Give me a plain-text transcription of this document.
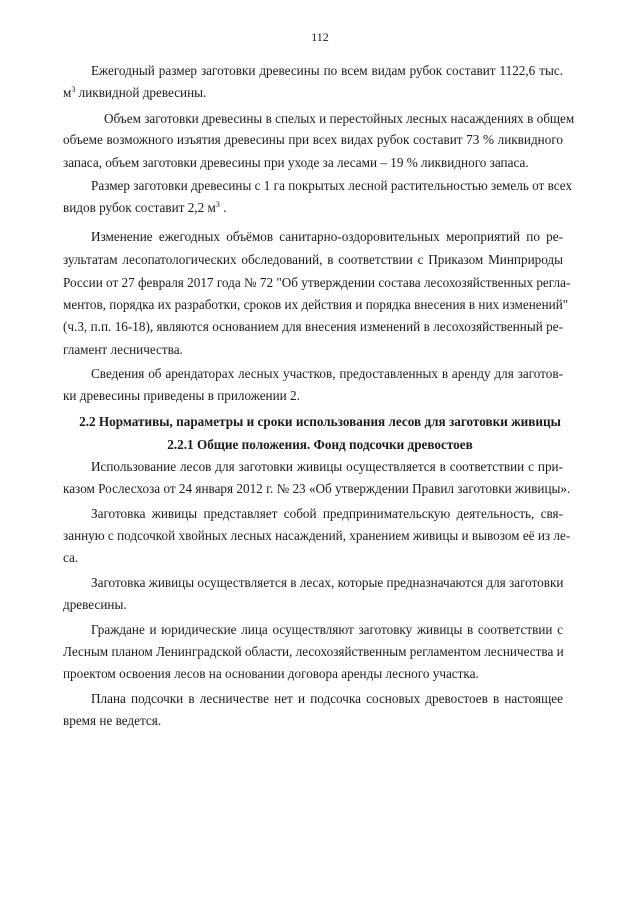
112

Ежегодный размер заготовки древесины по всем видам рубок составит 1122,6 тыс.

$м^3$ ликвидной древесины.

Объем заготовки древесины в спелых и перестойных лесных насаждениях в общем

объеме возможного изъятия древесины при всех видах рубок составит 73 % ликвидного

запаса, объем заготовки древесины при уходе за лесами – 19 % ликвидного запаса.

Размер заготовки древесины с 1 га покрытых лесной растительностью земель от всех

видов рубок составит 2,2 $м^3$ .

Изменение ежегодных объёмов санитарно-оздоровительных мероприятий по ре-

зультатам лесопатологических обследований, в соответствии с Приказом Минприроды

России от 27 февраля 2017 года № 72 "Об утверждении состава лесохозяйственных регла-

ментов, порядка их разработки, сроков их действия и порядка внесения в них изменений"

(ч.3, п.п. 16-18), являются основанием для внесения изменений в лесохозяйственный ре-

гламент лесничества.

Сведения об арендаторах лесных участков, предоставленных в аренду для заготов-

ки древесины приведены в приложении 2.

2.2 Нормативы, параметры и сроки использования лесов для заготовки живицы
2.2.1 Общие положения. Фонд подсочки древостоев

Использование лесов для заготовки живицы осуществляется в соответствии с при-

казом Рослесхоза от 24 января 2012 г. № 23 «Об утверждении Правил заготовки живицы».

Заготовка живицы представляет собой предпринимательскую деятельность, свя-

занную с подсочкой хвойных лесных насаждений, хранением живицы и вывозом её из ле-

са.

Заготовка живицы осуществляется в лесах, которые предназначаются для заготовки

древесины.

Граждане и юридические лица осуществляют заготовку живицы в соответствии с

Лесным планом Ленинградской области, лесохозяйственным регламентом лесничества и

проектом освоения лесов на основании договора аренды лесного участка.

Плана подсочки в лесничестве нет и подсочка сосновых древостоев в настоящее

время не ведется.
